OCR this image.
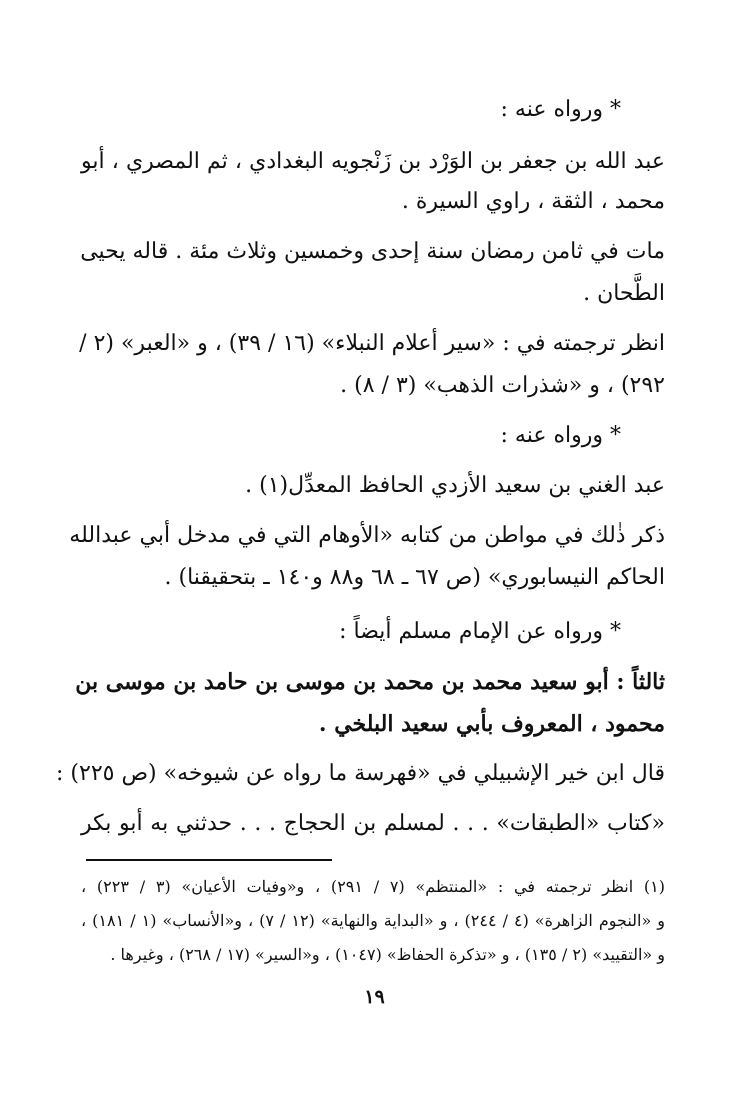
* ورواه عنه :
عبد الله بن جعفر بن الوَرْد بن زَنْجويه البغدادي ، ثم المصري ، أبو
محمد ، الثقة ، راوي السيرة .
مات في ثامن رمضان سنة إحدى وخمسين وثلاث مئة . قاله يحيى
الطَّحان .
انظر ترجمته في : «سير أعلام النبلاء» (١٦ / ٣٩) ، و «العبر» (٢ /
٢٩٢) ، و «شذرات الذهب» (٣ / ٨) .
* ورواه عنه :
عبد الغني بن سعيد الأزدي الحافظ المعدِّل(١) .
ذكر ذٰلك في مواطن من كتابه «الأوهام التي في مدخل أبي عبدالله
الحاكم النيسابوري» (ص ٦٧ ـ ٦٨ و٨٨ و١٤٠ ـ بتحقيقنا) .
* ورواه عن الإمام مسلم أيضاً :
ثالثاً : أبو سعيد محمد بن محمد بن موسى بن حامد بن موسى بن
محمود ، المعروف بأبي سعيد البلخي .
قال ابن خير الإشبيلي في «فهرسة ما رواه عن شيوخه» (ص ٢٢٥) :
«كتاب «الطبقات» . . . لمسلم بن الحجاج . . . حدثني به أبو بكر
(١) انظر ترجمته في : «المنتظم» (٧ / ٢٩١) ، و«وفيات الأعيان» (٣ / ٢٢٣) ،
و «النجوم الزاهرة» (٤ / ٢٤٤) ، و «البداية والنهاية» (١٢ / ٧) ، و«الأنساب» (١ / ١٨١) ،
و «التقييد» (٢ / ١٣٥) ، و «تذكرة الحفاظ» (١٠٤٧) ، و«السير» (١٧ / ٢٦٨) ، وغيرها .
١٩
